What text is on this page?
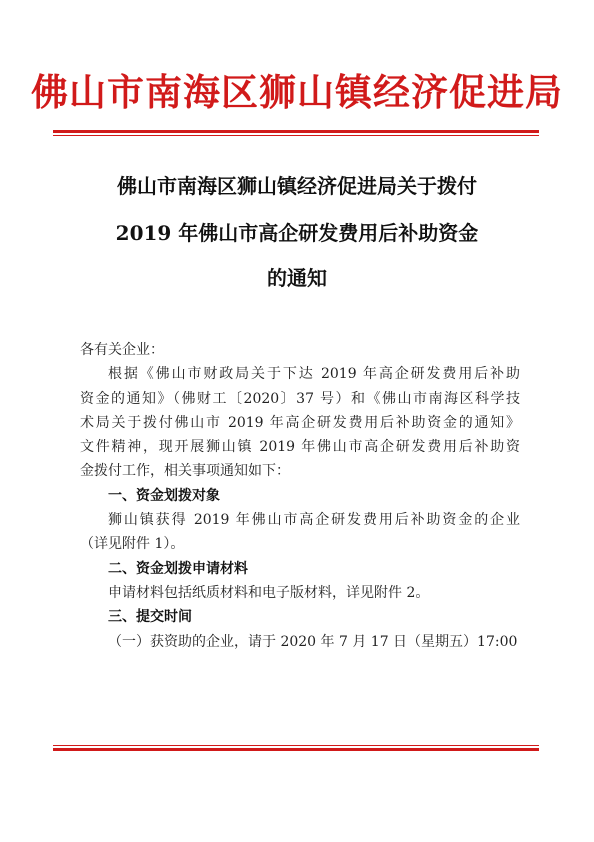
佛山市南海区狮山镇经济促进局
佛山市南海区狮山镇经济促进局关于拨付
2019 年佛山市高企研发费用后补助资金
的通知
各有关企业：
根据《佛山市财政局关于下达 2019 年高企研发费用后补助
资金的通知》（佛财工〔2020〕37 号）和《佛山市南海区科学技
术局关于拨付佛山市 2019 年高企研发费用后补助资金的通知》
文件精神，现开展狮山镇 2019 年佛山市高企研发费用后补助资
金拨付工作，相关事项通知如下：
一、资金划拨对象
狮山镇获得 2019 年佛山市高企研发费用后补助资金的企业
（详见附件 1）。
二、资金划拨申请材料
申请材料包括纸质材料和电子版材料，详见附件 2。
三、提交时间
（一）获资助的企业，请于 2020 年 7 月 17 日（星期五）17:00
